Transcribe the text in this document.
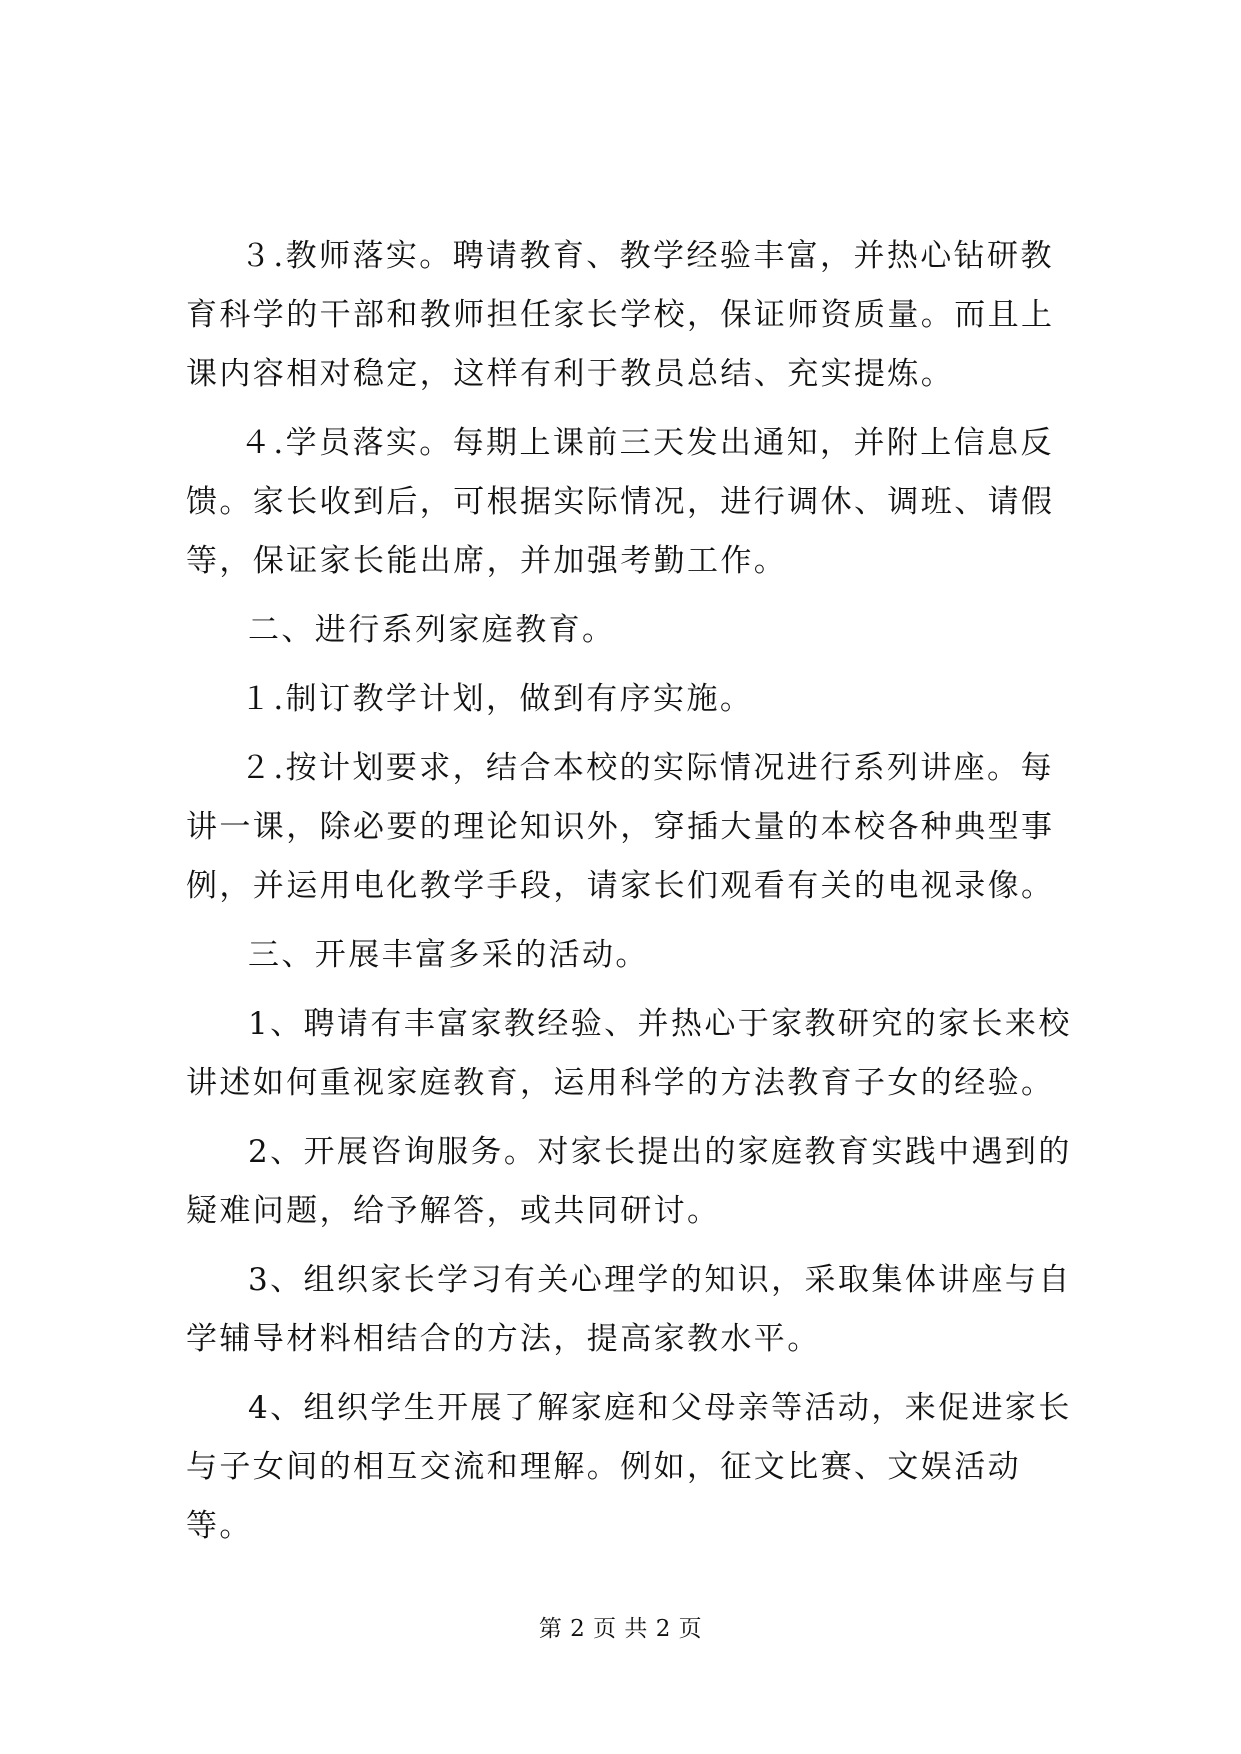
３.教师落实。聘请教育、教学经验丰富，并热心钻研教育科学的干部和教师担任家长学校，保证师资质量。而且上课内容相对稳定，这样有利于教员总结、充实提炼。

４.学员落实。每期上课前三天发出通知，并附上信息反馈。家长收到后，可根据实际情况，进行调休、调班、请假等，保证家长能出席，并加强考勤工作。

二、进行系列家庭教育。

１.制订教学计划，做到有序实施。

２.按计划要求，结合本校的实际情况进行系列讲座。每讲一课，除必要的理论知识外，穿插大量的本校各种典型事例，并运用电化教学手段，请家长们观看有关的电视录像。

三、开展丰富多采的活动。

1、聘请有丰富家教经验、并热心于家教研究的家长来校讲述如何重视家庭教育，运用科学的方法教育子女的经验。

2、开展咨询服务。对家长提出的家庭教育实践中遇到的疑难问题，给予解答，或共同研讨。

3、组织家长学习有关心理学的知识，采取集体讲座与自学辅导材料相结合的方法，提高家教水平。

4、组织学生开展了解家庭和父母亲等活动，来促进家长与子女间的相互交流和理解。例如，征文比赛、文娱活动等。

第 2 页 共 2 页
